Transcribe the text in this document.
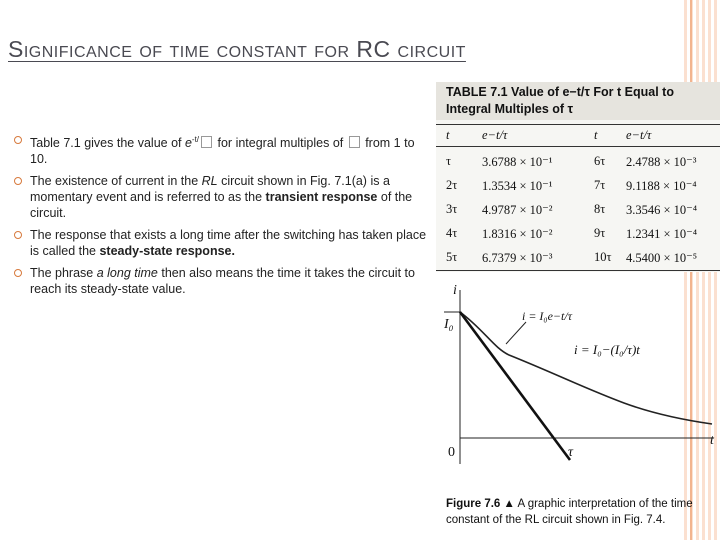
Significance of time constant for RC circuit
Table 7.1 gives the value of $e^{-t/}$ for integral multiples of  from 1 to 10.
The existence of current in the RL circuit shown in Fig. 7.1(a) is a momentary event and is referred to as the transient response of the circuit.
The response that exists a long time after the switching has taken place is called the steady-state response.
The phrase a long time then also means the time it takes the circuit to reach its steady-state value.
TABLE 7.1 Value of e−t/τ For t Equal to
Integral Multiples of τ
t	e−t/τ	t e−t/τ
τ 3.6788 × 10⁻¹	6τ 2.4788 × 10⁻³
2τ 1.3534 × 10⁻¹	7τ 9.1188 × 10⁻⁴
3τ 4.9787 × 10⁻²	8τ 3.3546 × 10⁻⁴
4τ 1.8316 × 10⁻²	9τ 1.2341 × 10⁻⁴
5τ 6.7379 × 10⁻³	10τ 4.5400 × 10⁻⁵
i
I₀
0
t
τ
i = I₀e−t/τ
i = I₀−(I₀/τ)t
Figure 7.6 ▲ A graphic interpretation of the time constant of the RL circuit shown in Fig. 7.4.
